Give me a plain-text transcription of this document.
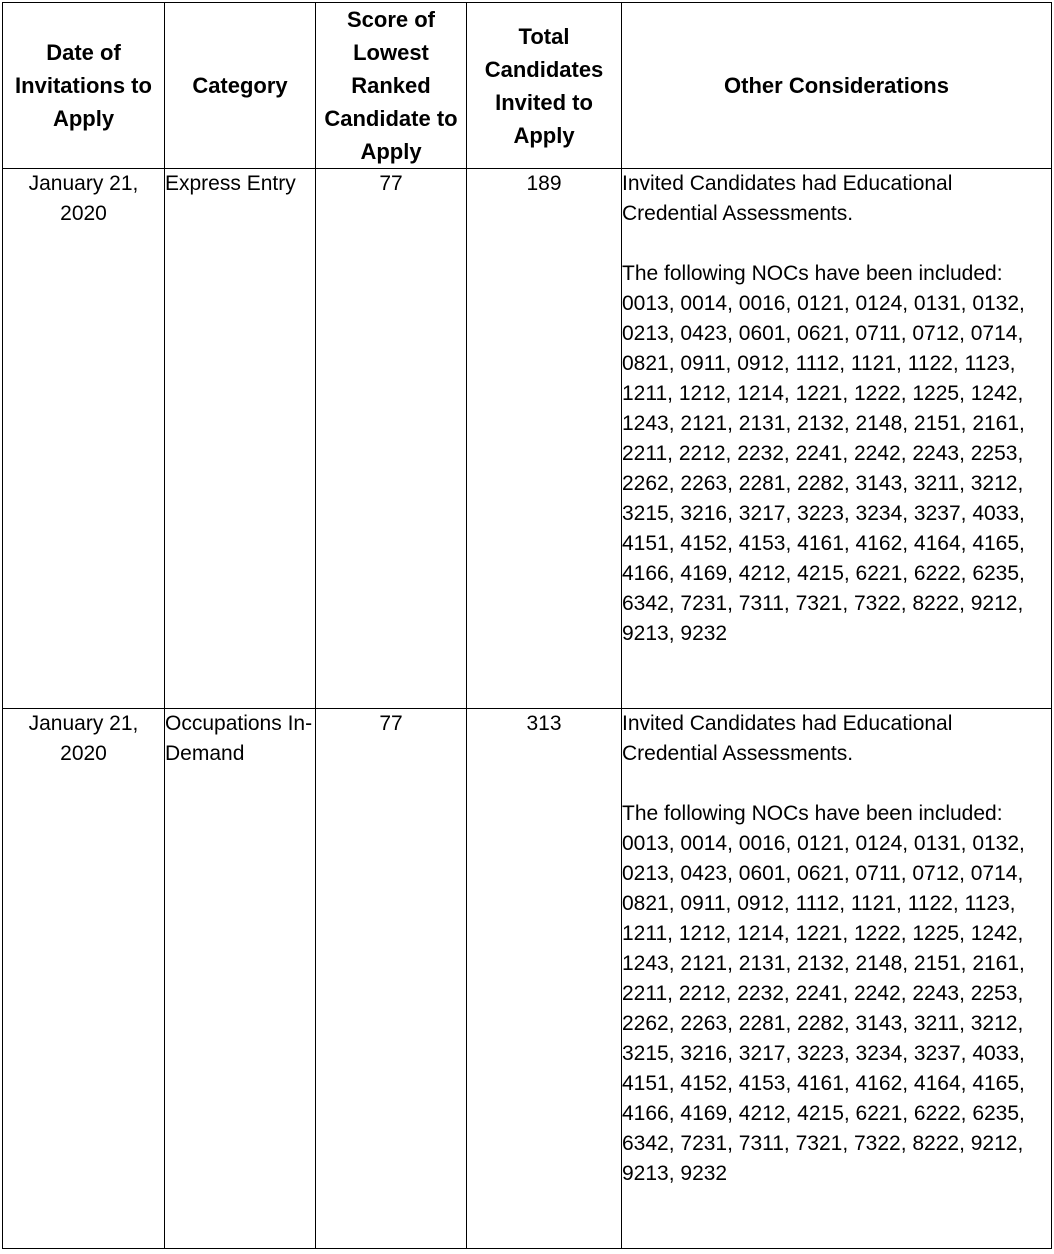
Date of Invitations to Apply	Category	Score of Lowest Ranked Candidate to Apply	Total Candidates Invited to Apply	Other Considerations
January 21, 2020	Express Entry	77	189	Invited Candidates had Educational Credential Assessments.
The following NOCs have been included:
0013, 0014, 0016, 0121, 0124, 0131, 0132, 0213, 0423, 0601, 0621, 0711, 0712, 0714, 0821, 0911, 0912, 1112, 1121, 1122, 1123, 1211, 1212, 1214, 1221, 1222, 1225, 1242, 1243, 2121, 2131, 2132, 2148, 2151, 2161, 2211, 2212, 2232, 2241, 2242, 2243, 2253, 2262, 2263, 2281, 2282, 3143, 3211, 3212, 3215, 3216, 3217, 3223, 3234, 3237, 4033, 4151, 4152, 4153, 4161, 4162, 4164, 4165, 4166, 4169, 4212, 4215, 6221, 6222, 6235, 6342, 7231, 7311, 7321, 7322, 8222, 9212, 9213, 9232

January 21, 2020	Occupations In-Demand	77	313	Invited Candidates had Educational Credential Assessments.
The following NOCs have been included:
0013, 0014, 0016, 0121, 0124, 0131, 0132, 0213, 0423, 0601, 0621, 0711, 0712, 0714, 0821, 0911, 0912, 1112, 1121, 1122, 1123, 1211, 1212, 1214, 1221, 1222, 1225, 1242, 1243, 2121, 2131, 2132, 2148, 2151, 2161, 2211, 2212, 2232, 2241, 2242, 2243, 2253, 2262, 2263, 2281, 2282, 3143, 3211, 3212, 3215, 3216, 3217, 3223, 3234, 3237, 4033, 4151, 4152, 4153, 4161, 4162, 4164, 4165, 4166, 4169, 4212, 4215, 6221, 6222, 6235, 6342, 7231, 7311, 7321, 7322, 8222, 9212, 9213, 9232
